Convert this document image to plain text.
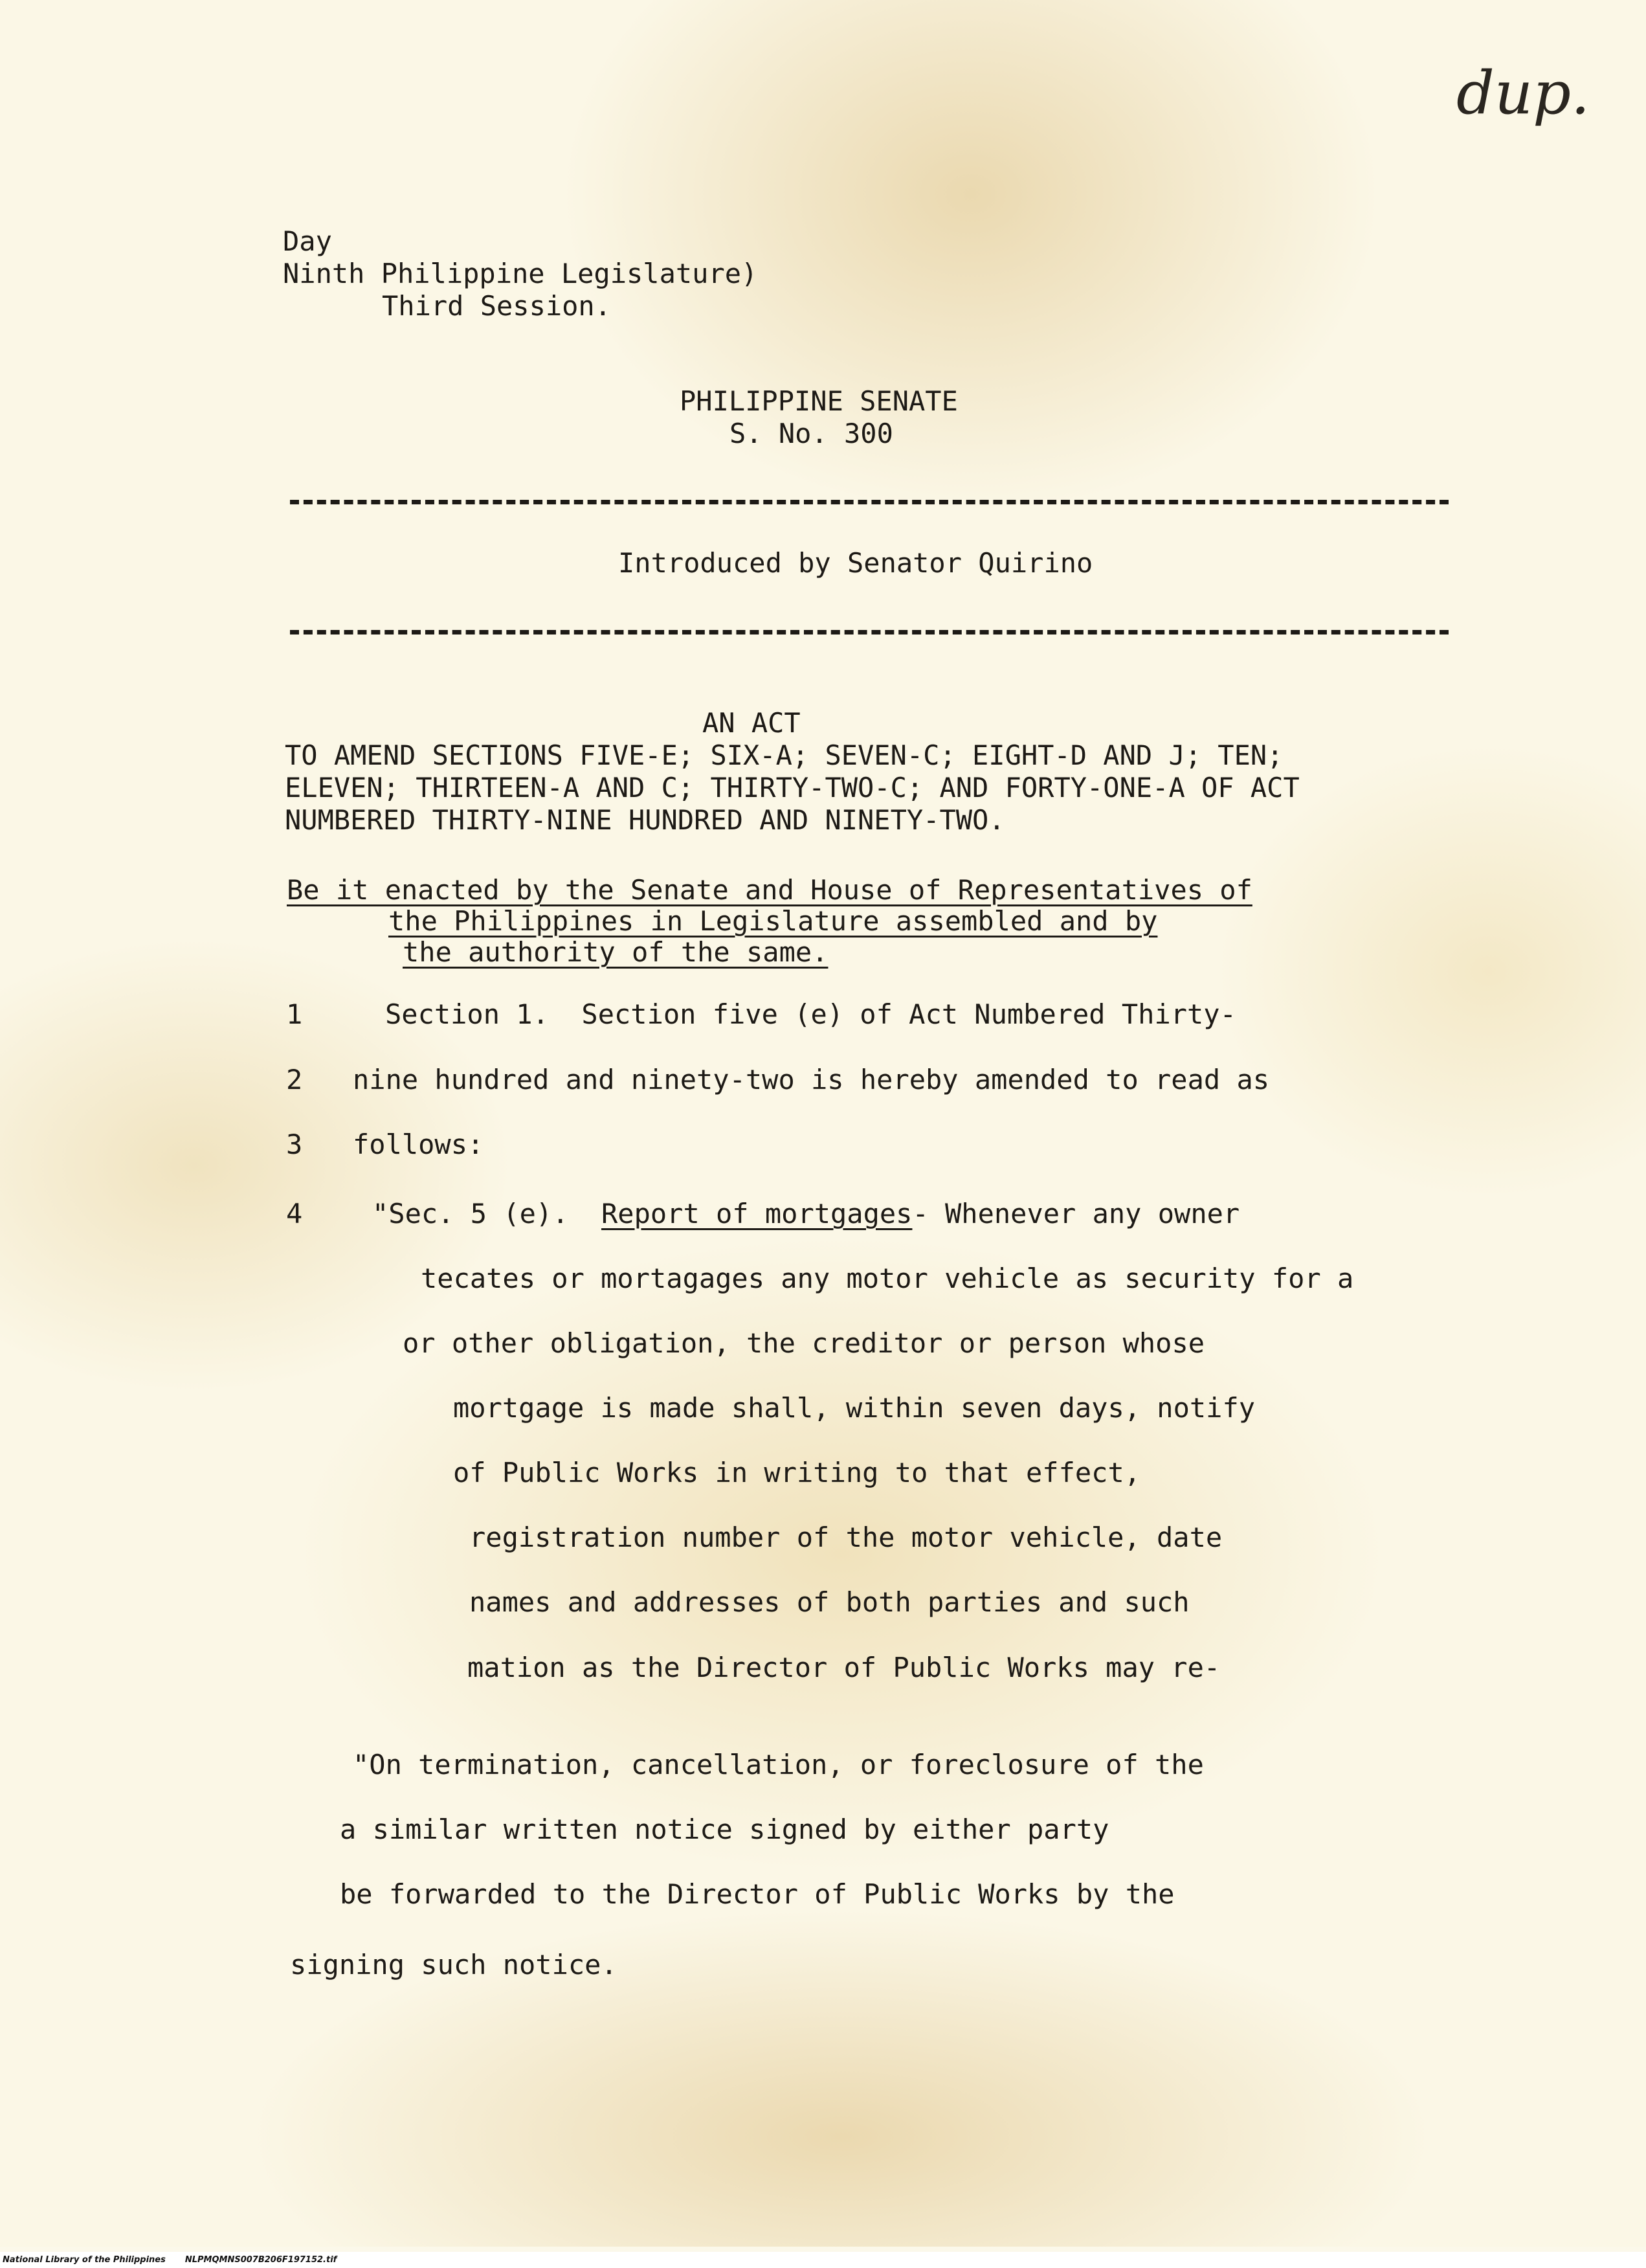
dup.
Day
Ninth Philippine Legislature)
Third Session.
PHILIPPINE SENATE
S. No. 300
Introduced by Senator Quirino
AN ACT
TO AMEND SECTIONS FIVE-E; SIX-A; SEVEN-C; EIGHT-D AND J; TEN;
ELEVEN; THIRTEEN-A AND C; THIRTY-TWO-C; AND FORTY-ONE-A OF ACT
NUMBERED THIRTY-NINE HUNDRED AND NINETY-TWO.
Be it enacted by the Senate and House of Representatives of
the Philippines in Legislature assembled and by
the authority of the same.
1	Section 1.  Section five (e) of Act Numbered Thirty-
2 nine hundred and ninety-two is hereby amended to read as
3 follows:
4	"Sec. 5 (e).  Report of mortgages- Whenever any owner
tecates or mortagages any motor vehicle as security for a
or other obligation, the creditor or person whose
mortgage is made shall, within seven days, notify
of Public Works in writing to that effect,
registration number of the motor vehicle, date
names and addresses of both parties and such
mation as the Director of Public Works may re-
"On termination, cancellation, or foreclosure of the
a similar written notice signed by either party
be forwarded to the Director of Public Works by the
signing such notice.
National Library of the Philippines NLPMQMNS007B206F197152.tif
